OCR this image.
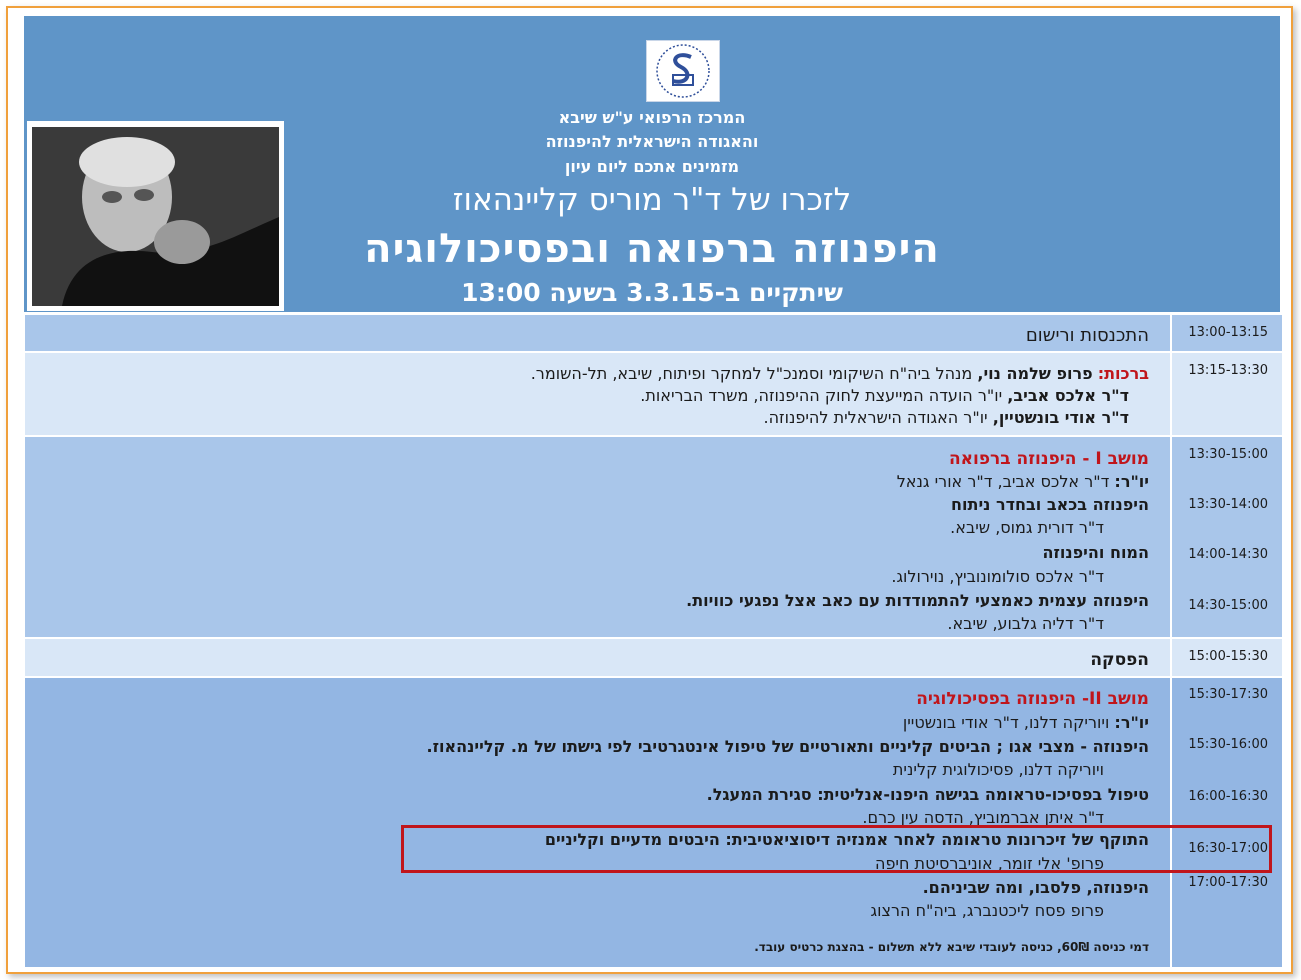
המרכז הרפואי ע"ש שיבא
והאגודה הישראלית להיפנוזה
מזמינים אתכם ליום עיון
לזכרו של ד"ר מוריס קליינהאוז
היפנוזה ברפואה ובפסיכולוגיה
שיתקיים ב-3.3.15 בשעה 13:00
13:00-13:15
התכנסות ורישום
13:15-13:30
ברכות: פרופ שלמה נוי, מנהל ביה"ח השיקומי וסמנכ"ל למחקר ופיתוח, שיבא, תל-השומר.
ד"ר אלכס אביב, יו"ר הועדה המייעצת לחוק ההיפנוזה, משרד הבריאות.
ד"ר אודי בונשטיין, יו"ר האגודה הישראלית להיפנוזה.
13:30-15:00
13:30-14:00
14:00-14:30
14:30-15:00
מושב I - היפנוזה ברפואה
יו"ר: ד"ר אלכס אביב, ד"ר אורי גנאל
היפנוזה בכאב ובחדר ניתוח
ד"ר דורית גמוס, שיבא.
המוח והיפנוזה
ד"ר אלכס סולומונוביץ, נוירולוג.
היפנוזה עצמית כאמצעי להתמודדות עם כאב אצל נפגעי כוויות.
ד"ר דליה גלבוע, שיבא.
15:00-15:30
הפסקה
15:30-17:30
15:30-16:00
16:00-16:30
16:30-17:00
17:00-17:30
מושב II- היפנוזה בפסיכולוגיה
יו"ר: ויוריקה דלנו, ד"ר אודי בונשטיין
היפנוזה - מצבי אגו ; הביטים קליניים ותאורטיים של טיפול אינטגרטיבי לפי גישתו של מ. קליינהאוז.
ויוריקה דלנו, פסיכולוגית קלינית
טיפול בפסיכו-טראומה בגישה היפנו-אנליטית: סגירת המעגל.
ד"ר איתן אברמוביץ, הדסה עין כרם.
התוקף של זיכרונות טראומה לאחר אמנזיה דיסוציאטיבית: היבטים מדעיים וקליניים
פרופ' אלי זומר, אוניברסיטת חיפה
היפנוזה, פלסבו, ומה שביניהם.
פרופ פסח ליכטנברג, ביה"ח הרצוג
דמי כניסה 60₪, כניסה לעובדי שיבא ללא תשלום - בהצגת כרטיס עובד.
